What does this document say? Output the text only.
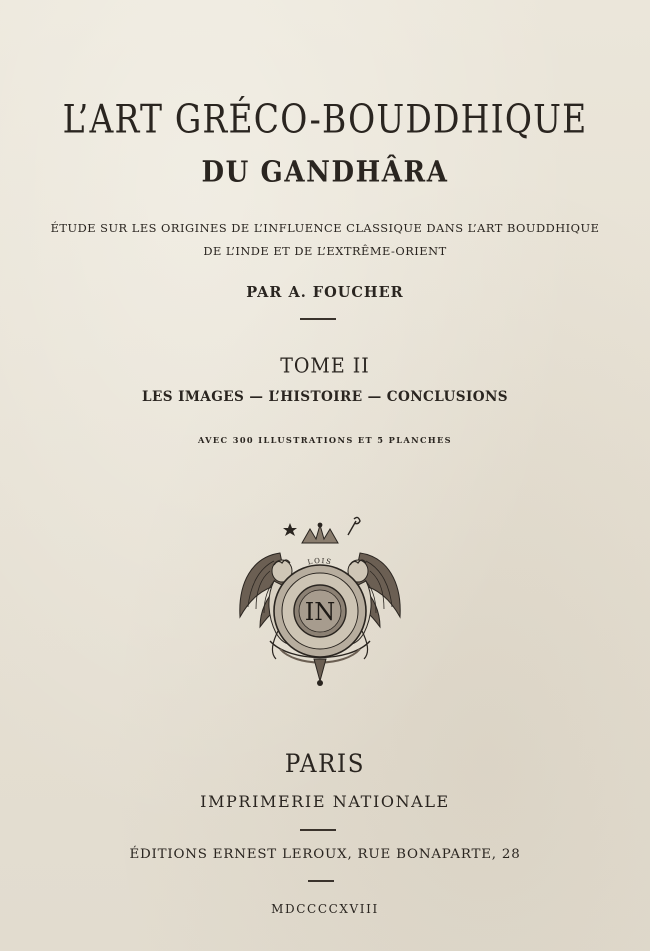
L’ART GRÉCO-BOUDDHIQUE
DU GANDHÂRA
ÉTUDE SUR LES ORIGINES DE L’INFLUENCE CLASSIQUE DANS L’ART BOUDDHIQUE
DE L’INDE ET DE L’EXTRÊME-ORIENT
PAR A. FOUCHER
TOME II
LES IMAGES — L’HISTOIRE — CONCLUSIONS
AVEC 300 ILLUSTRATIONS ET 5 PLANCHES
IN
LOIS
PARIS
IMPRIMERIE NATIONALE
ÉDITIONS ERNEST LEROUX, RUE BONAPARTE, 28
MDCCCCXVIII
